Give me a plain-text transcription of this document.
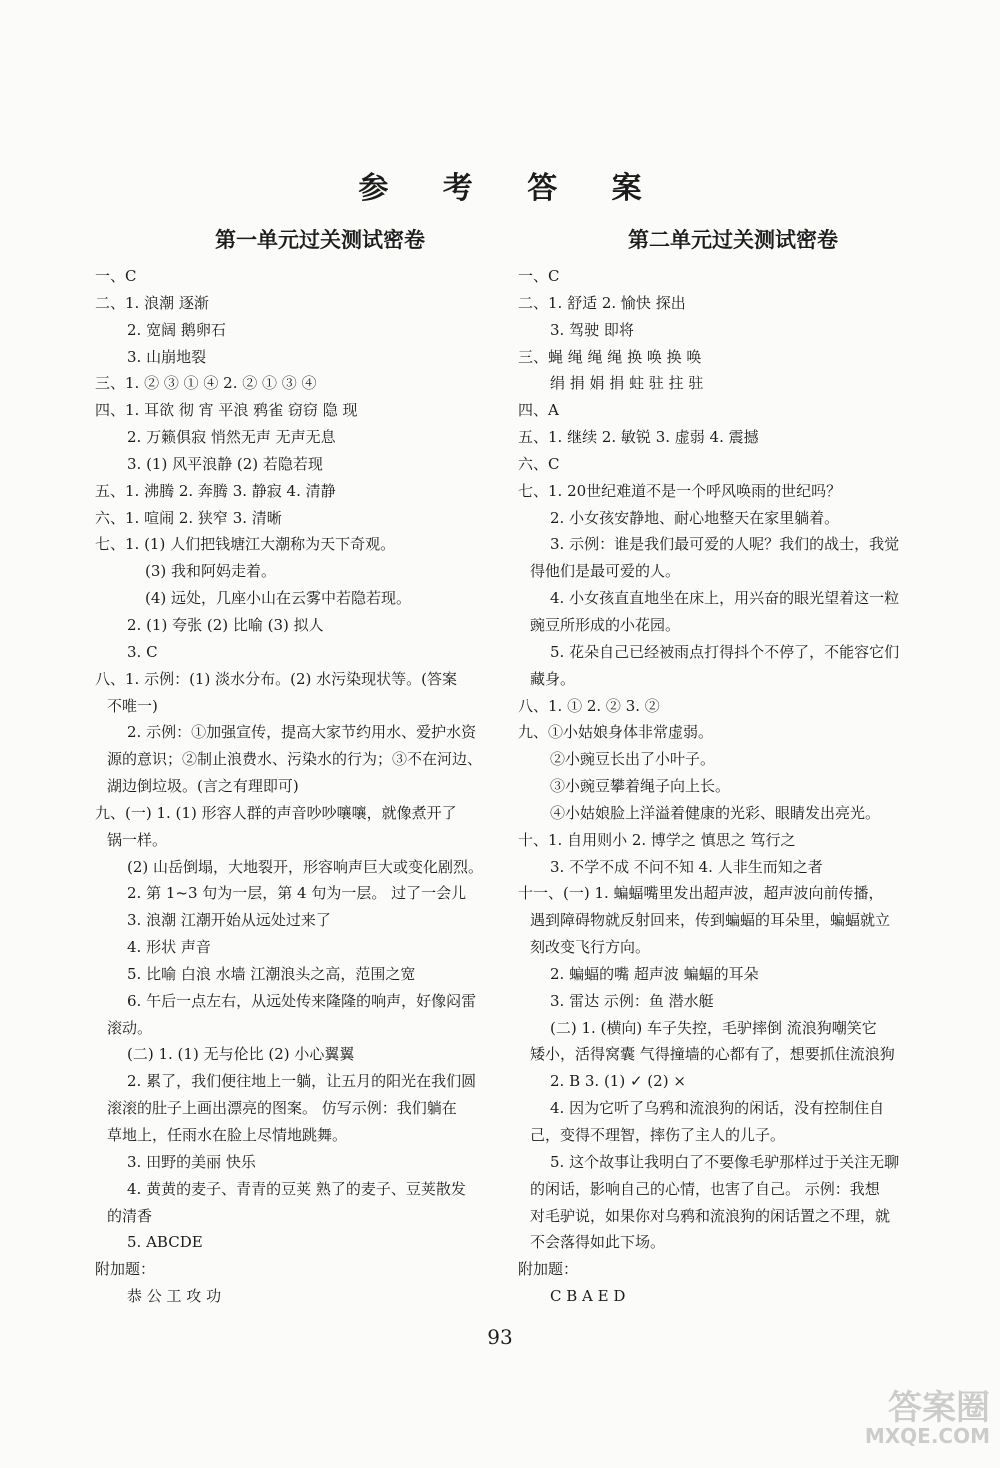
参 考 答 案
第一单元过关测试密卷
一、C
二、1. 浪潮 逐渐
2. 宽阔 鹅卵石
3. 山崩地裂
三、1. ② ③ ① ④ 2. ② ① ③ ④
四、1. 耳欲 彻 宵 平浪 鸦雀 窃窃 隐 现
2. 万籁俱寂 悄然无声 无声无息
3. (1) 风平浪静 (2) 若隐若现
五、1. 沸腾 2. 奔腾 3. 静寂 4. 清静
六、1. 喧闹 2. 狭窄 3. 清晰
七、1. (1) 人们把钱塘江大潮称为天下奇观。
(3) 我和阿妈走着。
(4) 远处，几座小山在云雾中若隐若现。
2. (1) 夸张 (2) 比喻 (3) 拟人
3. C
八、1. 示例：(1) 淡水分布。(2) 水污染现状等。(答案
不唯一)
2. 示例：①加强宣传，提高大家节约用水、爱护水资
源的意识；②制止浪费水、污染水的行为；③不在河边、
湖边倒垃圾。(言之有理即可)
九、(一) 1. (1) 形容人群的声音吵吵嚷嚷，就像煮开了
锅一样。
(2) 山岳倒塌，大地裂开，形容响声巨大或变化剧烈。
2. 第 1~3 句为一层，第 4 句为一层。 过了一会儿
3. 浪潮 江潮开始从远处过来了
4. 形状 声音
5. 比喻 白浪 水墙 江潮浪头之高，范围之宽
6. 午后一点左右，从远处传来隆隆的响声，好像闷雷
滚动。
(二) 1. (1) 无与伦比 (2) 小心翼翼
2. 累了，我们便往地上一躺，让五月的阳光在我们圆
滚滚的肚子上画出漂亮的图案。 仿写示例：我们躺在
草地上，任雨水在脸上尽情地跳舞。
3. 田野的美丽 快乐
4. 黄黄的麦子、青青的豆荚 熟了的麦子、豆荚散发
的清香
5. ABCDE
附加题：
恭 公 工 攻 功
第二单元过关测试密卷
一、C
二、1. 舒适 2. 愉快 探出
3. 驾驶 即将
三、蝇 绳 绳 绳 换 唤 换 唤
绢 捐 娟 捐 蛀 驻 拄 驻
四、A
五、1. 继续 2. 敏锐 3. 虚弱 4. 震撼
六、C
七、1. 20世纪难道不是一个呼风唤雨的世纪吗？
2. 小女孩安静地、耐心地整天在家里躺着。
3. 示例：谁是我们最可爱的人呢？我们的战士，我觉
得他们是最可爱的人。
4. 小女孩直直地坐在床上，用兴奋的眼光望着这一粒
豌豆所形成的小花园。
5. 花朵自己已经被雨点打得抖个不停了，不能容它们
藏身。
八、1. ① 2. ② 3. ②
九、①小姑娘身体非常虚弱。
②小豌豆长出了小叶子。
③小豌豆攀着绳子向上长。
④小姑娘脸上洋溢着健康的光彩、眼睛发出亮光。
十、1. 自用则小 2. 博学之 慎思之 笃行之
3. 不学不成 不问不知 4. 人非生而知之者
十一、(一) 1. 蝙蝠嘴里发出超声波，超声波向前传播，
遇到障碍物就反射回来，传到蝙蝠的耳朵里，蝙蝠就立
刻改变飞行方向。
2. 蝙蝠的嘴 超声波 蝙蝠的耳朵
3. 雷达 示例：鱼 潜水艇
(二) 1. (横向) 车子失控，毛驴摔倒 流浪狗嘲笑它
矮小，活得窝囊 气得撞墙的心都有了，想要抓住流浪狗
2. B 3. (1) ✓ (2) ×
4. 因为它听了乌鸦和流浪狗的闲话，没有控制住自
己，变得不理智，摔伤了主人的儿子。
5. 这个故事让我明白了不要像毛驴那样过于关注无聊
的闲话，影响自己的心情，也害了自己。 示例：我想
对毛驴说，如果你对乌鸦和流浪狗的闲话置之不理，就
不会落得如此下场。
附加题：
C B A E D
93
答案圈
MXQE.COM
